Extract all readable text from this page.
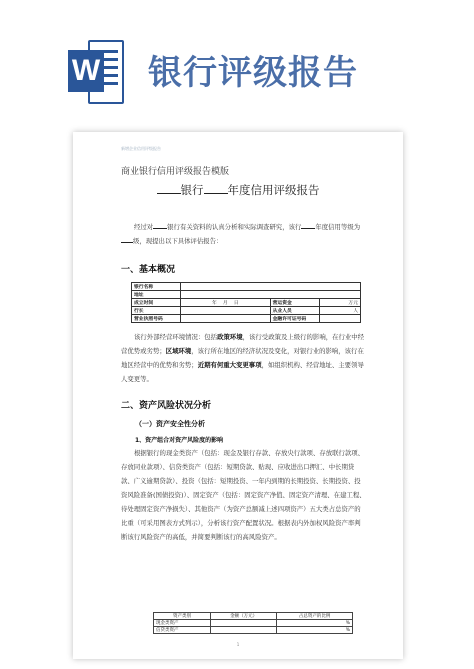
W 银行评级报告
新增企业信用评级报告
商业银行信用评级报告模版
银行 年度信用评级报告
经过对 银行有关资料的认真分析和实际调查研究，该行 年度信用等级为级，现提出以下具体评估报告：
一、基本概况
银行名称			
地址			
成立时间	年 月 日	营运资金	万元
行长		从业人员	人
营业执照号码		金融许可证号码	
该行外部经营环境情况：包括政策环境，该行受政策及上级行的影响，在行业中经营优势或劣势；区域环境，该行所在地区的经济状况及变化，对银行业的影响，该行在地区经营中的优势和劣势；近期有何重大变更事项，如组织机构、经营地址、主要领导人变更等。
二、资产风险状况分析
（一）资产安全性分析
1、资产组合对资产风险度的影响
根据银行的现金类资产（包括：现金及银行存款、存放央行款项、存放联行款项、存放同业款项）、信贷类资产（包括：短期贷款、贴现、应收进出口押汇、中长期贷款、广义逾期贷款）、投资（包括：短期投资、一年内到期的长期投资、长期投资、投资风险准备(国债投资)）、固定资产（包括：固定资产净值、固定资产清理、在建工程、待处理固定资产净损失）、其他资产（为资产总额减上述四项资产）五大类占总资产的比重（可采用图表方式列示），分析该行资产配置状况。根据表内外加权风险资产率判断该行风险资产的高低，并简要判断该行的高风险资产。
资产类别	金额（万元）	占总资产的比例
现金类资产		%
信贷类资产		%
1
